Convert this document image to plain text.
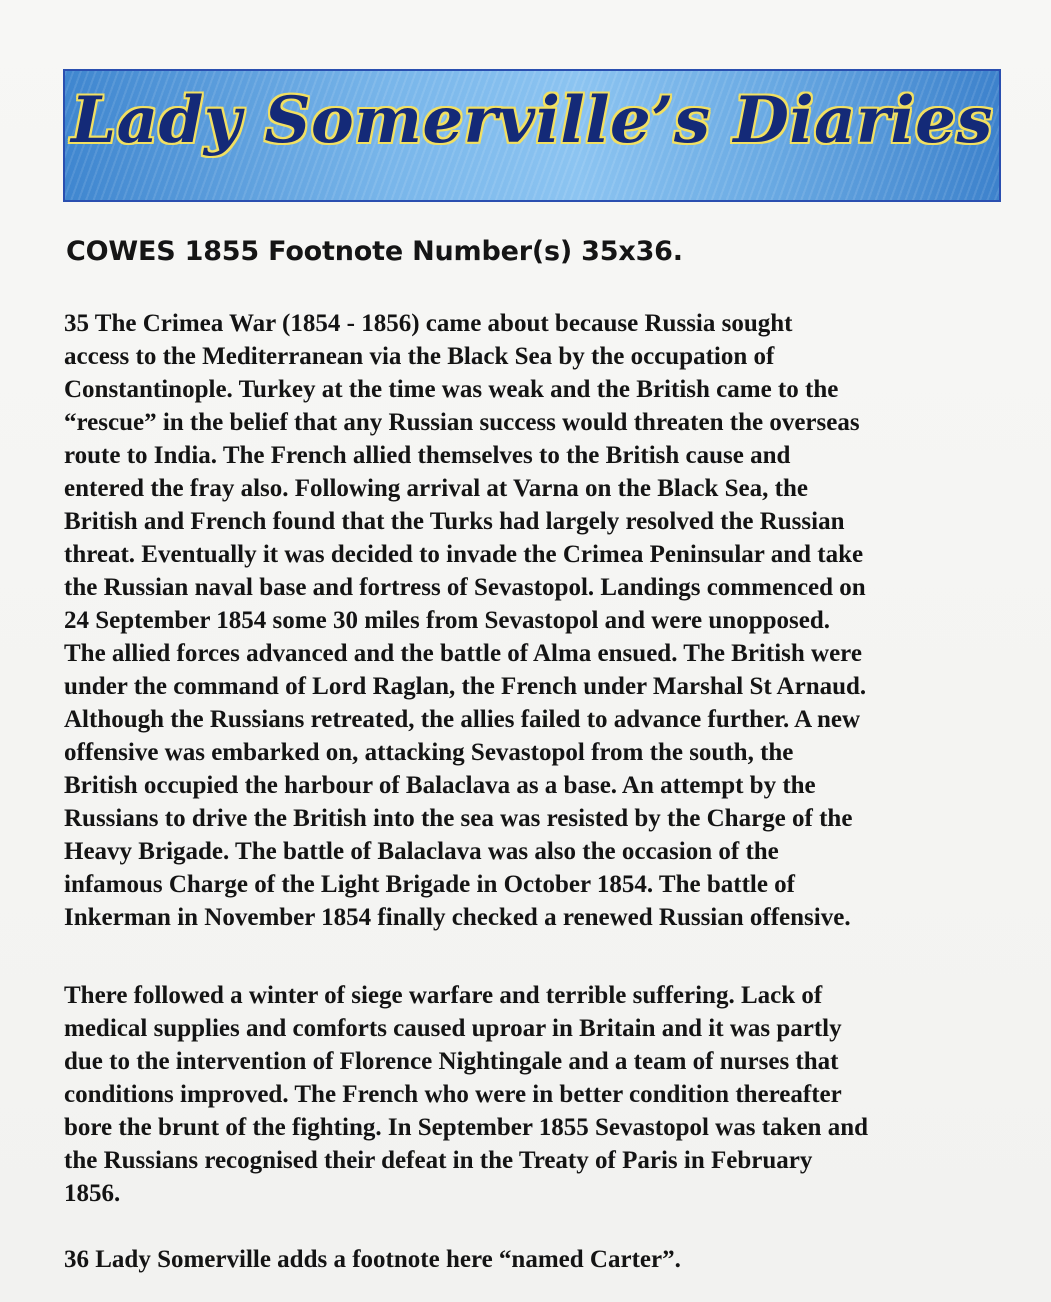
Lady Somerville’s Diaries
COWES 1855 Footnote Number(s) 35x36.
35 The Crimea War (1854 - 1856) came about because Russia sought
access to the Mediterranean via the Black Sea by the occupation of
Constantinople. Turkey at the time was weak and the British came to the
“rescue” in the belief that any Russian success would threaten the overseas
route to India. The French allied themselves to the British cause and
entered the fray also. Following arrival at Varna on the Black Sea, the
British and French found that the Turks had largely resolved the Russian
threat. Eventually it was decided to invade the Crimea Peninsular and take
the Russian naval base and fortress of Sevastopol. Landings commenced on
24 September 1854 some 30 miles from Sevastopol and were unopposed.
The allied forces advanced and the battle of Alma ensued. The British were
under the command of Lord Raglan, the French under Marshal St Arnaud.
Although the Russians retreated, the allies failed to advance further. A new
offensive was embarked on, attacking Sevastopol from the south, the
British occupied the harbour of Balaclava as a base. An attempt by the
Russians to drive the British into the sea was resisted by the Charge of the
Heavy Brigade. The battle of Balaclava was also the occasion of the
infamous Charge of the Light Brigade in October 1854. The battle of
Inkerman in November 1854 finally checked a renewed Russian offensive.
There followed a winter of siege warfare and terrible suffering. Lack of
medical supplies and comforts caused uproar in Britain and it was partly
due to the intervention of Florence Nightingale and a team of nurses that
conditions improved. The French who were in better condition thereafter
bore the brunt of the fighting. In September 1855 Sevastopol was taken and
the Russians recognised their defeat in the Treaty of Paris in February
1856.
36 Lady Somerville adds a footnote here “named Carter”.
